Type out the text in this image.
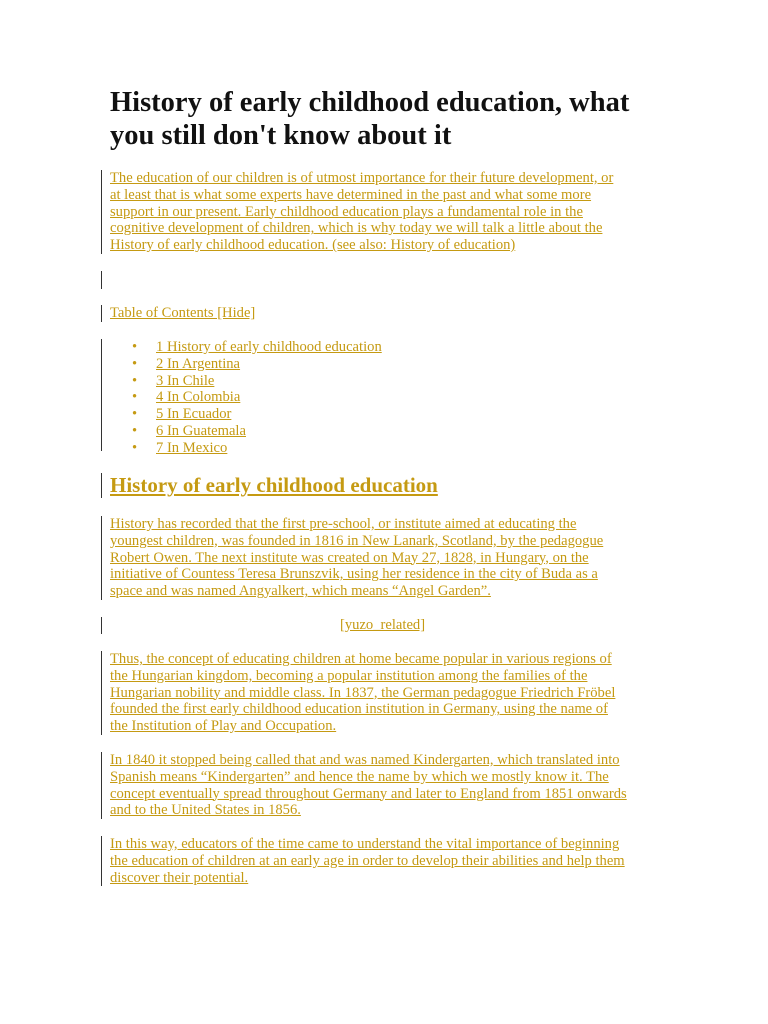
History of early childhood education, what you still don't know about it

The education of our children is of utmost importance for their future development, or
at least that is what some experts have determined in the past and what some more
support in our present. Early childhood education plays a fundamental role in the
cognitive development of children, which is why today we will talk a little about the
History of early childhood education. (see also: History of education)

Table of Contents [Hide]

• 1 History of early childhood education
• 2 In Argentina
• 3 In Chile
• 4 In Colombia
• 5 In Ecuador
• 6 In Guatemala
• 7 In Mexico
History of early childhood education

History has recorded that the first pre-school, or institute aimed at educating the
youngest children, was founded in 1816 in New Lanark, Scotland, by the pedagogue
Robert Owen. The next institute was created on May 27, 1828, in Hungary, on the
initiative of Countess Teresa Brunszvik, using her residence in the city of Buda as a
space and was named Angyalkert, which means “Angel Garden”.

[yuzo_related]

Thus, the concept of educating children at home became popular in various regions of
the Hungarian kingdom, becoming a popular institution among the families of the
Hungarian nobility and middle class. In 1837, the German pedagogue Friedrich Fröbel
founded the first early childhood education institution in Germany, using the name of
the Institution of Play and Occupation.

In 1840 it stopped being called that and was named Kindergarten, which translated into
Spanish means “Kindergarten” and hence the name by which we mostly know it. The
concept eventually spread throughout Germany and later to England from 1851 onwards
and to the United States in 1856.

In this way, educators of the time came to understand the vital importance of beginning
the education of children at an early age in order to develop their abilities and help them
discover their potential.
